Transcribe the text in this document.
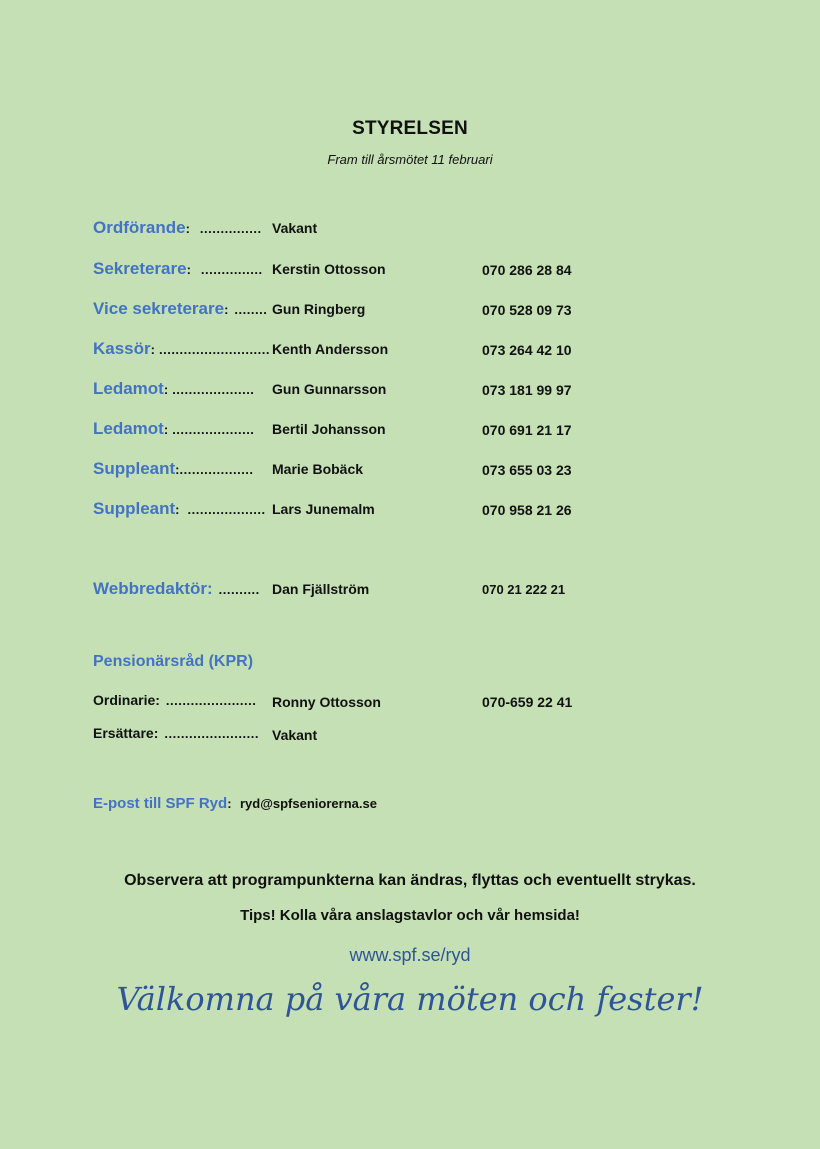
STYRELSEN
Fram till årsmötet 11 februari
Ordförande: ............... Vakant
Sekreterare: ............... Kerstin Ottosson	070 286 28 84
Vice sekreterare: ........ Gun Ringberg	070 528 09 73
Kassör: ........................... Kenth Andersson	073 264 42 10
Ledamot: .................... Gun Gunnarsson	073 181 99 97
Ledamot: .................... Bertil Johansson	070 691 21 17
Suppleant:.................. Marie Bobäck	073 655 03 23
Suppleant: ................... Lars Junemalm	070 958 21 26
Webbredaktör: .......... Dan Fjällström	070 21 222 21
Pensionärsråd (KPR)
Ordinarie: ...................... Ronny Ottosson	070-659 22 41
Ersättare: ....................... Vakant
E-post till SPF Ryd: ryd@spfseniorerna.se
Observera att programpunkterna kan ändras, flyttas och eventuellt strykas.
Tips! Kolla våra anslagstavlor och vår hemsida!
www.spf.se/ryd
Välkomna på våra möten och fester!
